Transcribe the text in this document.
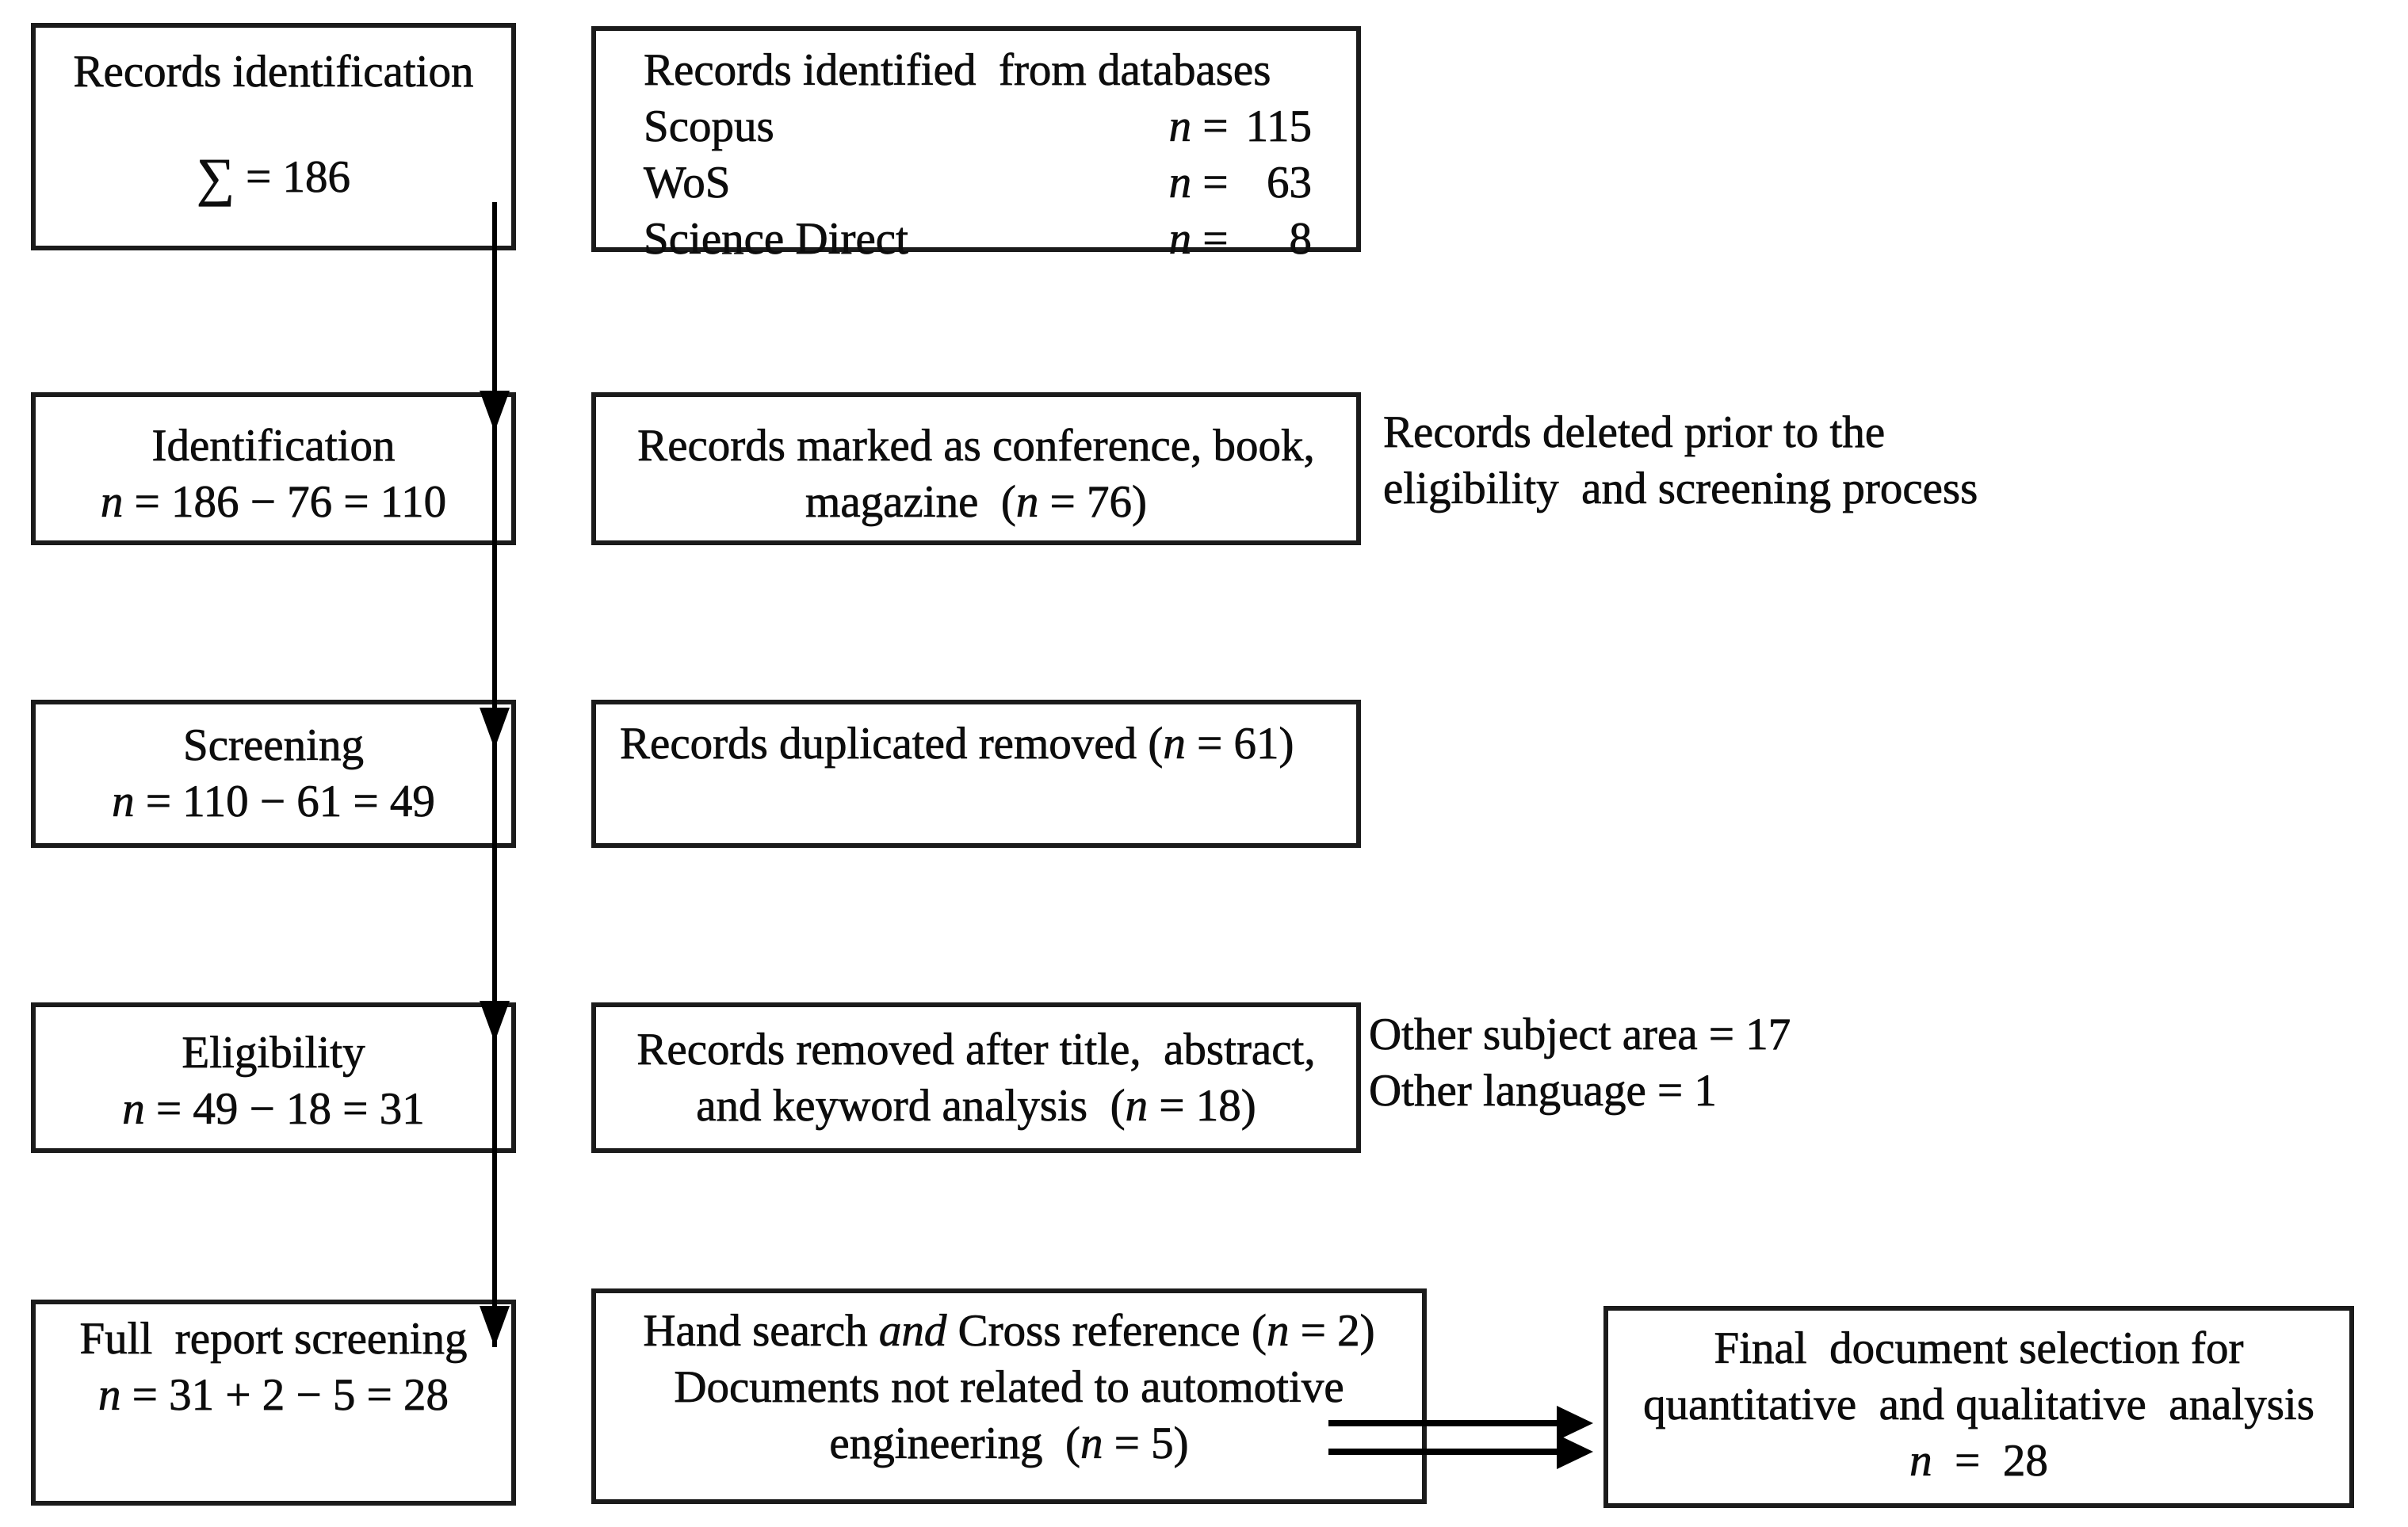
Records identification
∑ = 186
Identification
n = 186 − 76 = 110
Screening
n = 110 − 61 = 49
Eligibility
n = 49 − 18 = 31
Full  report screening
n = 31 + 2 − 5 = 28
Records identified  from databases
Scopus	n = 115
WoS	n = 63
Science Direct	n = 8
Records marked as conference, book,
magazine  (n = 76)
Records duplicated removed (n = 61)
Records removed after title,  abstract,
and keyword analysis  (n = 18)
Hand search and Cross reference (n = 2)
Documents not related to automotive
engineering  (n = 5)
Records deleted prior to the
eligibility  and screening process
Other subject area = 17
Other language = 1
Final  document selection for
quantitative  and qualitative  analysis
n  =  28
